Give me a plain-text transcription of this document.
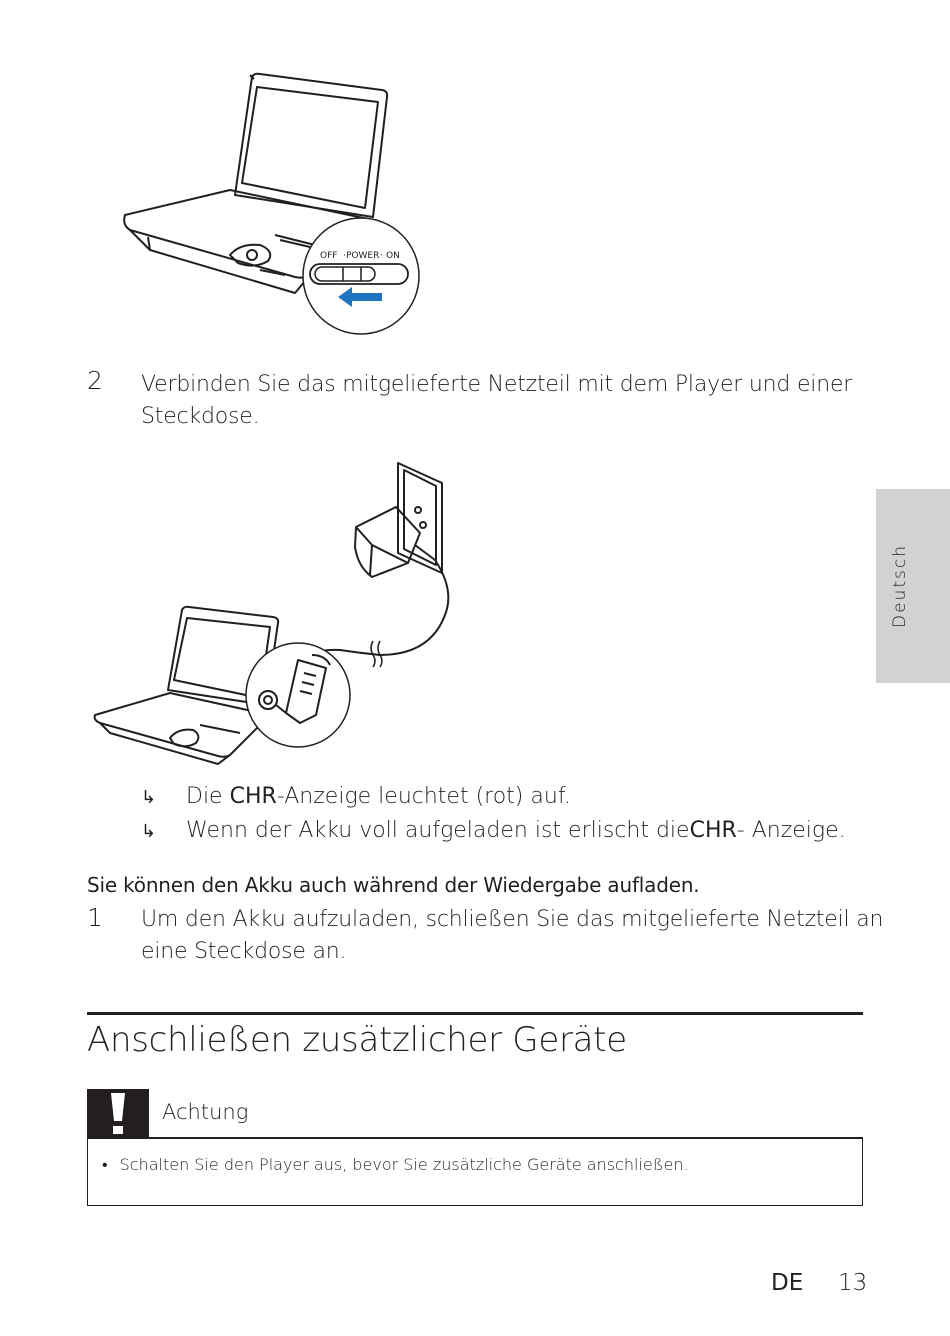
OFF · POWER · ON
2 Verbinden Sie das mitgelieferte Netzteil mit dem Player und einer
Steckdose.
↳	Die CHR -Anzeige leuchtet (rot) auf.
↳	Wenn der Akku voll aufgeladen ist erlischt die CHR - Anzeige.
Sie können den Akku auch während der Wiedergabe aufladen.
1 Um den Akku aufzuladen, schließen Sie das mitgelieferte Netzteil an
eine Steckdose an.
Anschließen zusätzlicher Geräte
Achtung
• Schalten Sie den Player aus, bevor Sie zusätzliche Geräte anschließen.
Deutsch
DE 13
